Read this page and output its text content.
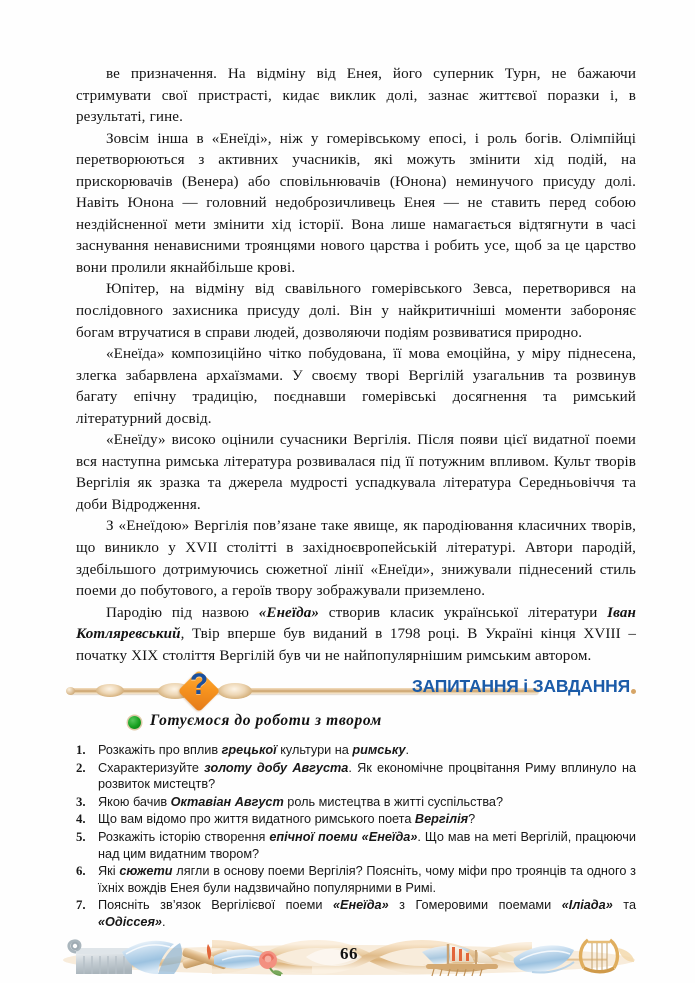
ве призначення. На відміну від Енея, його суперник Турн, не бажаючи стримувати свої пристрасті, кидає виклик долі, зазнає життєвої поразки і, в результаті, гине.

Зовсім інша в «Енеїді», ніж у гомерівському епосі, і роль богів. Олімпійці перетворюються з активних учасників, які можуть змінити хід подій, на прискорювачів (Венера) або сповільнювачів (Юнона) неминучого присуду долі. Навіть Юнона — головний недоброзичливець Енея — не ставить перед собою нездійсненної мети змінити хід історії. Вона лише намагається відтягнути в часі заснування ненависними троянцями нового царства і робить усе, щоб за це царство вони пролили якнайбільше крові.

Юпітер, на відміну від свавільного гомерівського Зевса, перетворився на послідовного захисника присуду долі. Він у найкритичніші моменти забороняє богам втручатися в справи людей, дозволяючи подіям розвиватися природно.

«Енеїда» композиційно чітко побудована, її мова емоційна, у міру піднесена, злегка забарвлена архаїзмами. У своєму творі Вергілій узагальнив та розвинув багату епічну традицію, поєднавши гомерівські досягнення та римський літературний досвід.

«Енеїду» високо оцінили сучасники Вергілія. Після появи цієї видатної поеми вся наступна римська література розвивалася під її потужним впливом. Культ творів Вергілія як зразка та джерела мудрості успадкувала література Середньовіччя та доби Відродження.

З «Енеїдою» Вергілія пов’язане таке явище, як пародіювання класичних творів, що виникло у XVII столітті в західноєвропейській літературі. Автори пародій, здебільшого дотримуючись сюжетної лінії «Енеїди», знижували піднесений стиль поеми до побутового, а героїв твору зображували приземлено.

Пародію під назвою «Енеїда» створив класик української літератури Іван Котляревський, Твір вперше був виданий в 1798 році. В Україні кінця XVIII – початку XIX століття Вергілій був чи не найпопулярнішим римським автором.

?	ЗАПИТАННЯ і ЗАВДАННЯ
Готуємося до роботи з твором
1. Розкажіть про вплив грецької культури на римську.
2. Схарактеризуйте золоту добу Августа. Як економічне процвітання Риму вплинуло на розвиток мистецтв?
3. Якою бачив Октавіан Август роль мистецтва в житті суспільства?
4. Що вам відомо про життя видатного римського поета Вергілія?
5. Розкажіть історію створення епічної поеми «Енеїда». Що мав на меті Вергілій, працюючи над цим видатним твором?
6. Які сюжети лягли в основу поеми Вергілія? Поясніть, чому міфи про троянців та одного з їхніх вождів Енея були надзвичайно популярними в Римі.
7. Поясніть зв’язок Вергілієвої поеми «Енеїда» з Гомеровими поемами «Іліада» та «Одіссея».
66
